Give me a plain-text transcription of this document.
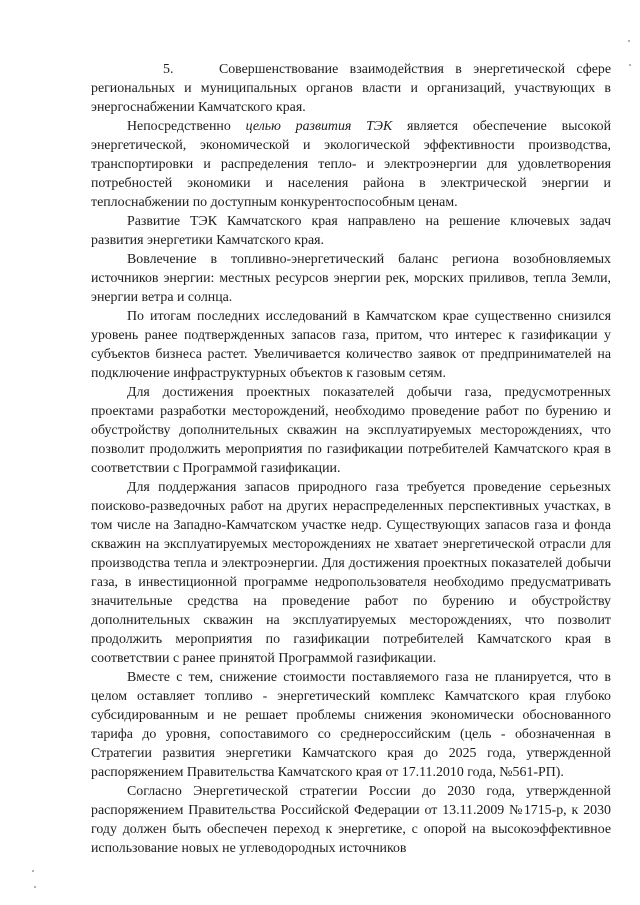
5.	Совершенствование взаимодействия в энергетической сфере региональных и муниципальных органов власти и организаций, участвующих в энергоснабжении Камчатского края.

Непосредственно целью развития ТЭК является обеспечение высокой энергетической, экономической и экологической эффективности производства, транспортировки и распределения тепло- и электроэнергии для удовлетворения потребностей экономики и населения района в электрической энергии и теплоснабжении по доступным конкурентоспособным ценам.

Развитие ТЭК Камчатского края направлено на решение ключевых задач развития энергетики Камчатского края.

Вовлечение в топливно-энергетический баланс региона возобновляемых источников энергии: местных ресурсов энергии рек, морских приливов, тепла Земли, энергии ветра и солнца.

По итогам последних исследований в Камчатском крае существенно снизился уровень ранее подтвержденных запасов газа, притом, что интерес к газификации у субъектов бизнеса растет. Увеличивается количество заявок от предпринимателей на подключение инфраструктурных объектов к газовым сетям.

Для достижения проектных показателей добычи газа, предусмотренных проектами разработки месторождений, необходимо проведение работ по бурению и обустройству дополнительных скважин на эксплуатируемых месторождениях, что позволит продолжить мероприятия по газификации потребителей Камчатского края в соответствии с Программой газификации.

Для поддержания запасов природного газа требуется проведение серьезных поисково-разведочных работ на других нераспределенных перспективных участках, в том числе на Западно-Камчатском участке недр. Существующих запасов газа и фонда скважин на эксплуатируемых месторождениях не хватает энергетической отрасли для производства тепла и электроэнергии. Для достижения проектных показателей добычи газа, в инвестиционной программе недропользователя необходимо предусматривать значительные средства на проведение работ по бурению и обустройству дополнительных скважин на эксплуатируемых месторождениях, что позволит продолжить мероприятия по газификации потребителей Камчатского края в соответствии с ранее принятой Программой газификации.

Вместе с тем, снижение стоимости поставляемого газа не планируется, что в целом оставляет топливо - энергетический комплекс Камчатского края глубоко субсидированным и не решает проблемы снижения экономически обоснованного тарифа до уровня, сопоставимого со среднероссийским (цель - обозначенная в Стратегии развития энергетики Камчатского края до 2025 года, утвержденной распоряжением Правительства Камчатского края от 17.11.2010 года, №561-РП).

Согласно Энергетической стратегии России до 2030 года, утвержденной распоряжением Правительства Российской Федерации от 13.11.2009 №1715-р, к 2030 году должен быть обеспечен переход к энергетике, с опорой на высокоэффективное использование новых не углеводородных источников
